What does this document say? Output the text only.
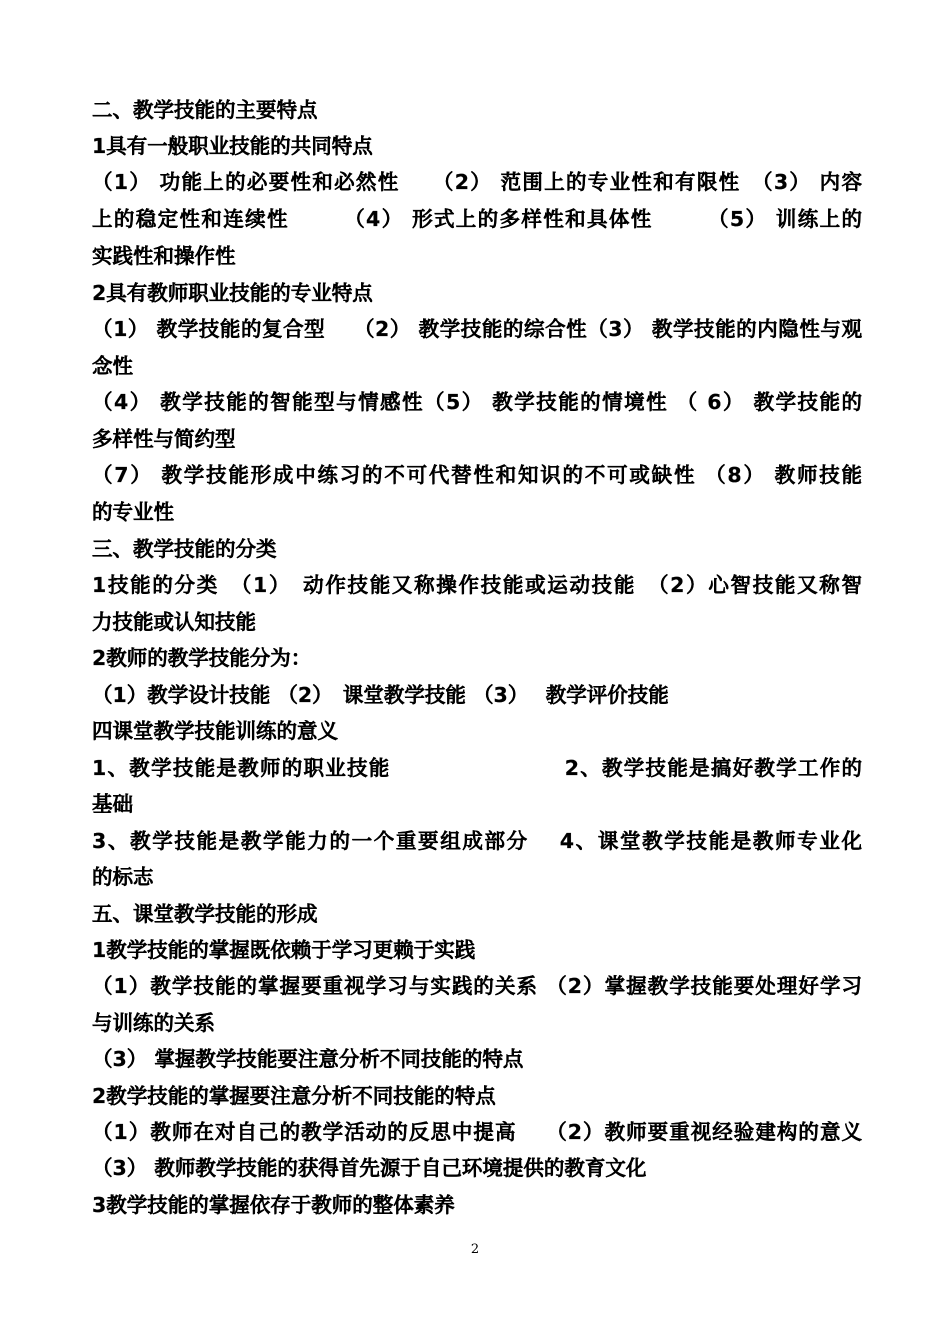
二、教学技能的主要特点
1具有一般职业技能的共同特点
（1） 功能上的必要性和必然性　　（2） 范围上的专业性和有限性　（3） 内容
上的稳定性和连续性　　　（4） 形式上的多样性和具体性　　　（5） 训练上的
实践性和操作性
2具有教师职业技能的专业特点
（1） 教学技能的复合型　 （2） 教学技能的综合性（3） 教学技能的内隐性与观
念性
（4） 教学技能的智能型与情感性（5） 教学技能的情境性 （ 6） 教学技能的
多样性与简约型
（7） 教学技能形成中练习的不可代替性和知识的不可或缺性 （8） 教师技能
的专业性
三、教学技能的分类
1技能的分类　（1）　动作技能又称操作技能或运动技能　（2）心智技能又称智
力技能或认知技能
2教师的教学技能分为：
（1）教学设计技能 （2）　课堂教学技能 （3）　 教学评价技能
四课堂教学技能训练的意义
1、教学技能是教师的职业技能　　　　　　　　2、教学技能是搞好教学工作的
基础
3、教学技能是教学能力的一个重要组成部分　 4、课堂教学技能是教师专业化
的标志
五、课堂教学技能的形成
1教学技能的掌握既依赖于学习更赖于实践
（1）教学技能的掌握要重视学习与实践的关系 （2）掌握教学技能要处理好学习
与训练的关系
（3） 掌握教学技能要注意分析不同技能的特点
2教学技能的掌握要注意分析不同技能的特点
（1）教师在对自己的教学活动的反思中提高　 （2）教师要重视经验建构的意义
（3） 教师教学技能的获得首先源于自己环境提供的教育文化
3教学技能的掌握依存于教师的整体素养
2
